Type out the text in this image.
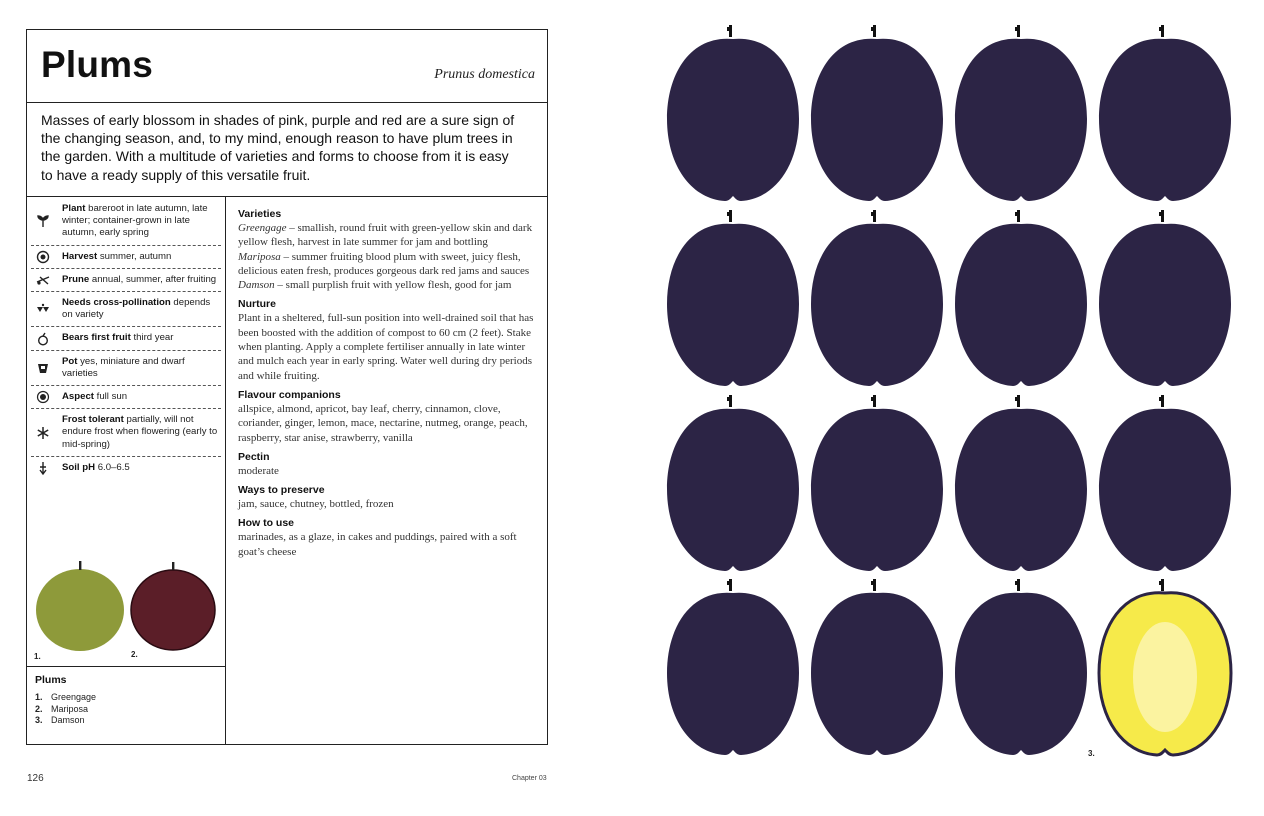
Plums	Prunus domestica

Masses of early blossom in shades of pink, purple and red are a sure sign of the changing season, and, to my mind, enough reason to have plum trees in the garden. With a multitude of varieties and forms to choose from it is easy to have a ready supply of this versatile fruit.

Plant bareroot in late autumn, late winter; container-grown in late autumn, early spring
Harvest summer, autumn
Prune annual, summer, after fruiting
Needs cross-pollination depends on variety
Bears first fruit third year
Pot yes, miniature and dwarf varieties
Aspect full sun
Frost tolerant partially, will not endure frost when flowering (early to mid-spring)
Soil pH 6.0–6.5
1.	2.
Plums
1. Greengage
2. Mariposa
3. Damson
Varieties
Greengage – smallish, round fruit with green-yellow skin and dark yellow flesh, harvest in late summer for jam and bottling
Mariposa – summer fruiting blood plum with sweet, juicy flesh, delicious eaten fresh, produces gorgeous dark red jams and sauces
Damson – small purplish fruit with yellow flesh, good for jam
Nurture
Plant in a sheltered, full-sun position into well-drained soil that has been boosted with the addition of compost to 60 cm (2 feet). Stake when planting. Apply a complete fertiliser annually in late winter and mulch each year in early spring. Water well during dry periods and while fruiting.
Flavour companions
allspice, almond, apricot, bay leaf, cherry, cinnamon, clove, coriander, ginger, lemon, mace, nectarine, nutmeg, orange, peach, raspberry, star anise, strawberry, vanilla
Pectin
moderate
Ways to preserve
jam, sauce, chutney, bottled, frozen
How to use
marinades, as a glaze, in cakes and puddings, paired with a soft goat’s cheese
126	Chapter 03
3.
